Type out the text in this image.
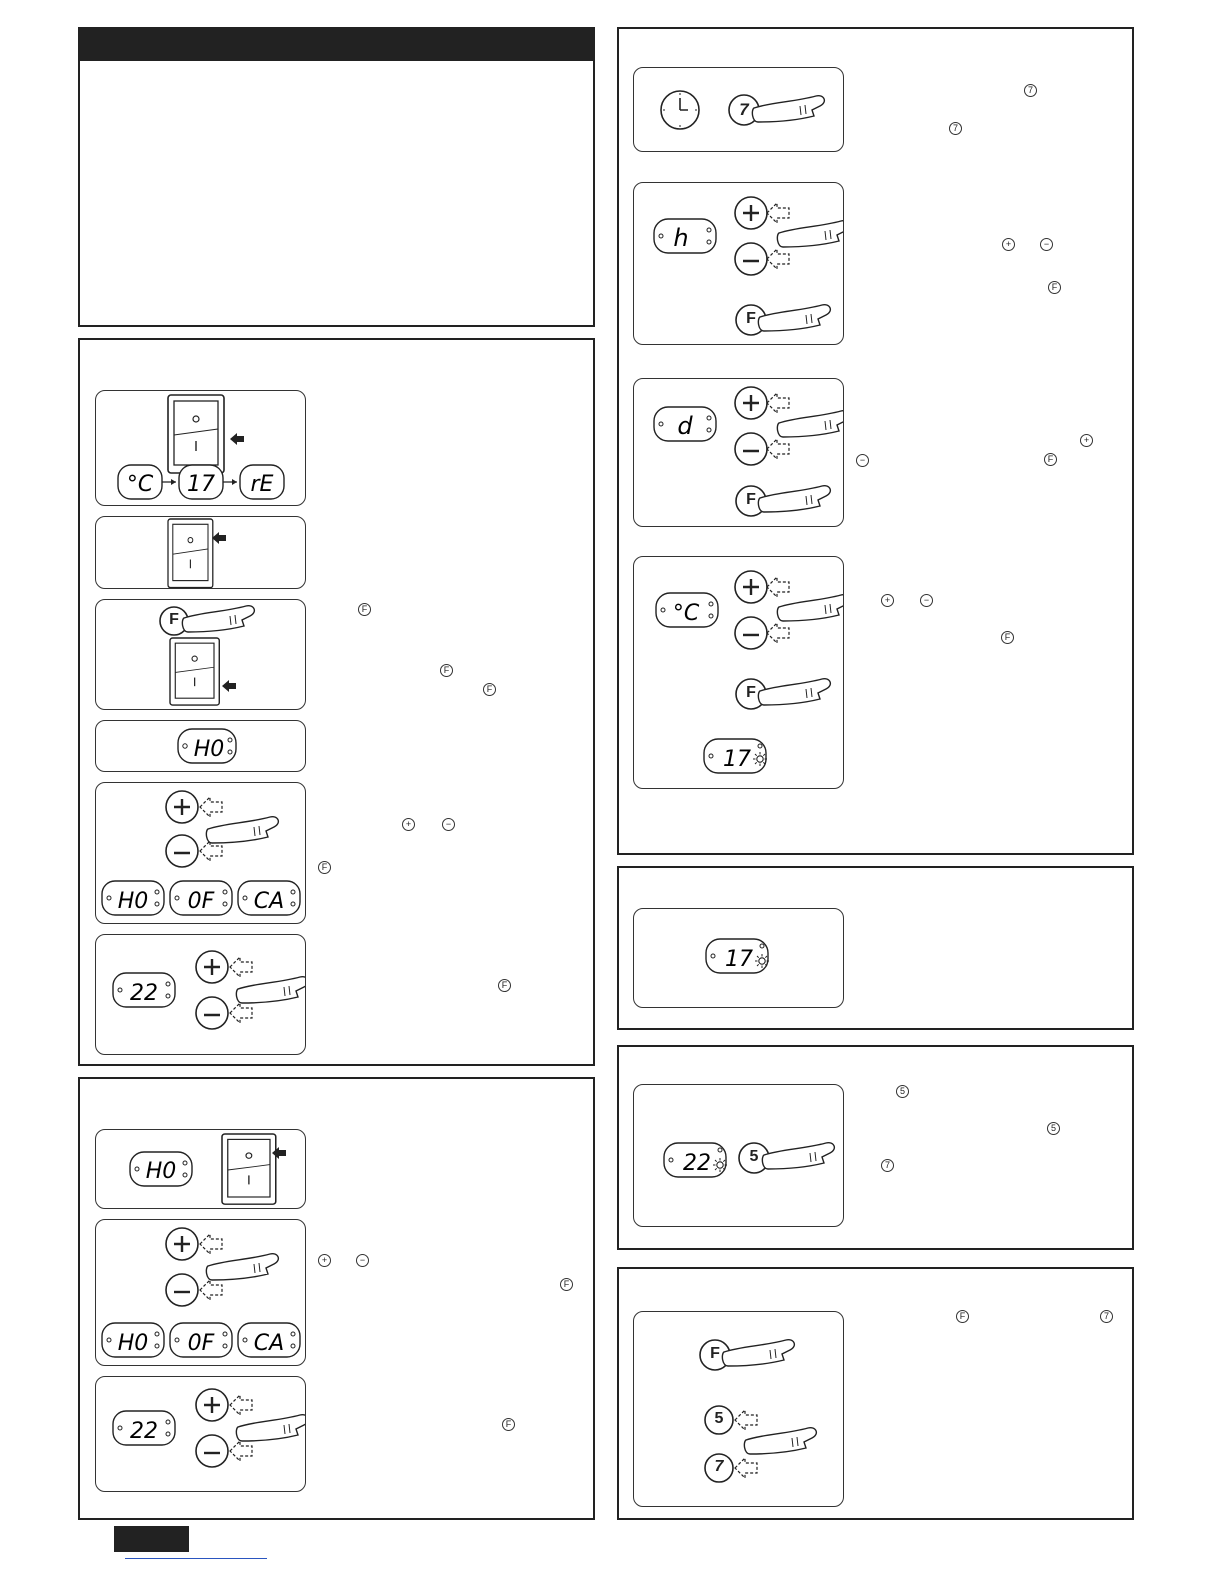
°C 17 rE
F
H0
H0 0F CA
+	−
F
F
F
F
22	F
H0
H0 0F CA
+	−
F
22	F
7
7
7
h
F
+	−
F
d
F
+
−	F
°C
17
F
+	−
F
17
22 5
5
5
7
F
5
7
F	7
